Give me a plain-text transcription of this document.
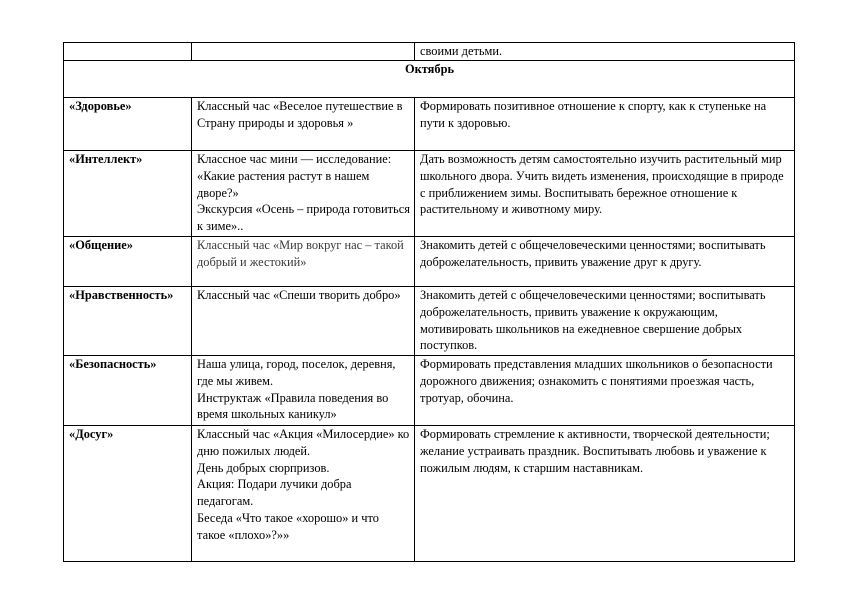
		своими детьми.
Октябрь		
«Здоровье»	Классный час «Веселое путешествие в Страну природы и здоровья »	Формировать позитивное отношение к спорту, как к ступеньке на пути к здоровью.
«Интеллект»	Классное час мини — исследование: «Какие растения растут в нашем дворе?»
Экскурсия «Осень – природа готовиться к зиме»..	Дать возможность детям самостоятельно изучить растительный мир школьного двора. Учить видеть изменения, происходящие в природе с приближением зимы. Воспитывать бережное отношение к растительному и животному миру.
«Общение»	Классный час «Мир вокруг нас – такой добрый и жестокий»	Знакомить детей с общечеловеческими ценностями; воспитывать доброжелательность, привить уважение друг к другу.
«Нравственность»	Классный час «Спеши творить добро»	Знакомить детей с общечеловеческими ценностями; воспитывать доброжелательность, привить уважение к окружающим, мотивировать школьников на ежедневное свершение добрых поступков.
«Безопасность»	Наша улица, город, поселок, деревня, где мы живем.
Инструктаж «Правила поведения во время школьных каникул»	Формировать представления младших школьников о безопасности дорожного движения; ознакомить с понятиями проезжая часть, тротуар, обочина.
«Досуг»	Классный час «Акция «Милосердие» ко дню пожилых людей.
День добрых сюрпризов.
Акция: Подари лучики добра педагогам.
Беседа «Что такое «хорошо» и что такое «плохо»?»»	Формировать стремление к активности, творческой деятельности; желание устраивать праздник. Воспитывать любовь и уважение к пожилым людям, к старшим наставникам.
